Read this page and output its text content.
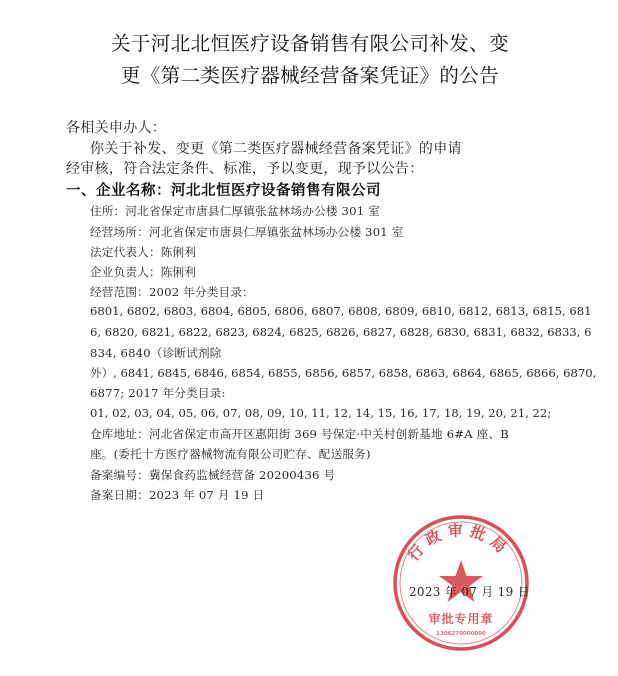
关于河北北恒医疗设备销售有限公司补发、变
更《第二类医疗器械经营备案凭证》的公告
各相关申办人：
你关于补发、变更《第二类医疗器械经营备案凭证》的申请
经审核，符合法定条件、标准，予以变更，现予以公告：
一、企业名称：河北北恒医疗设备销售有限公司
住所：河北省保定市唐县仁厚镇张盆林场办公楼 301 室
经营场所：河北省保定市唐县仁厚镇张盆林场办公楼 301 室
法定代表人：陈俐利
企业负责人：陈俐利
经营范围：2002 年分类目录：
6801, 6802, 6803, 6804, 6805, 6806, 6807, 6808, 6809, 6810, 6812, 6813, 6815, 681
6, 6820, 6821, 6822, 6823, 6824, 6825, 6826, 6827, 6828, 6830, 6831, 6832, 6833, 6
834, 6840（诊断试剂除
外）, 6841, 6845, 6846, 6854, 6855, 6856, 6857, 6858, 6863, 6864, 6865, 6866, 6870,
6877; 2017 年分类目录:
01, 02, 03, 04, 05, 06, 07, 08, 09, 10, 11, 12, 14, 15, 16, 17, 18, 19, 20, 21, 22;
仓库地址：河北省保定市高开区惠阳街 369 号保定·中关村创新基地 6#A 座、B
座。(委托十方医疗器械物流有限公司贮存、配送服务)
备案编号：冀保食药监械经营备 20200436 号
备案日期：2023 年 07 月 19 日
行政审批局
审批专用章
1306270000000
2023 年 07 月 19 日
